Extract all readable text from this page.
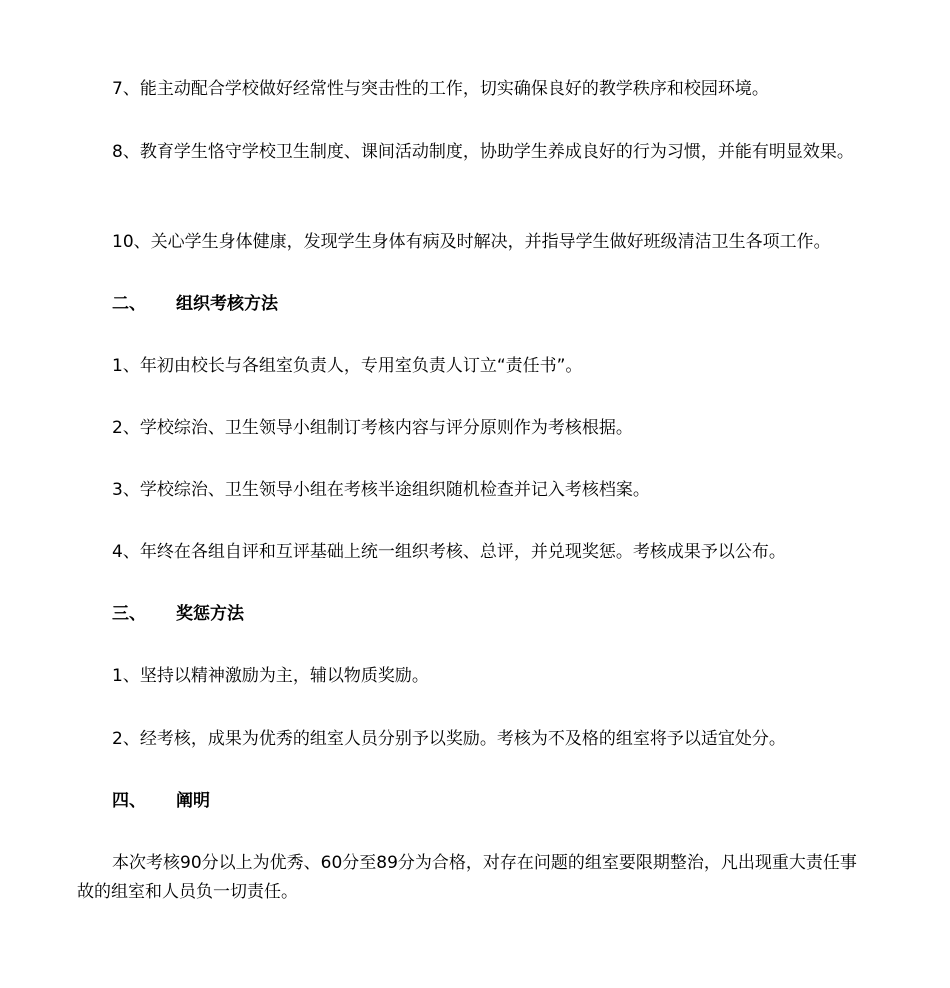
7、能主动配合学校做好经常性与突击性的工作，切实确保良好的教学秩序和校园环境。

8、教育学生恪守学校卫生制度、课间活动制度，协助学生养成良好的行为习惯，并能有明显效果。

10、关心学生身体健康，发现学生身体有病及时解决，并指导学生做好班级清洁卫生各项工作。

二、	组织考核方法

1、年初由校长与各组室负责人，专用室负责人订立“责任书”。

2、学校综治、卫生领导小组制订考核内容与评分原则作为考核根据。

3、学校综治、卫生领导小组在考核半途组织随机检查并记入考核档案。

4、年终在各组自评和互评基础上统一组织考核、总评，并兑现奖惩。考核成果予以公布。

三、	奖惩方法

1、坚持以精神激励为主，辅以物质奖励。

2、经考核，成果为优秀的组室人员分别予以奖励。考核为不及格的组室将予以适宜处分。

四、	阐明

本次考核90分以上为优秀、60分至89分为合格，对存在问题的组室要限期整治，凡出现重大责任事故的组室和人员负一切责任。
